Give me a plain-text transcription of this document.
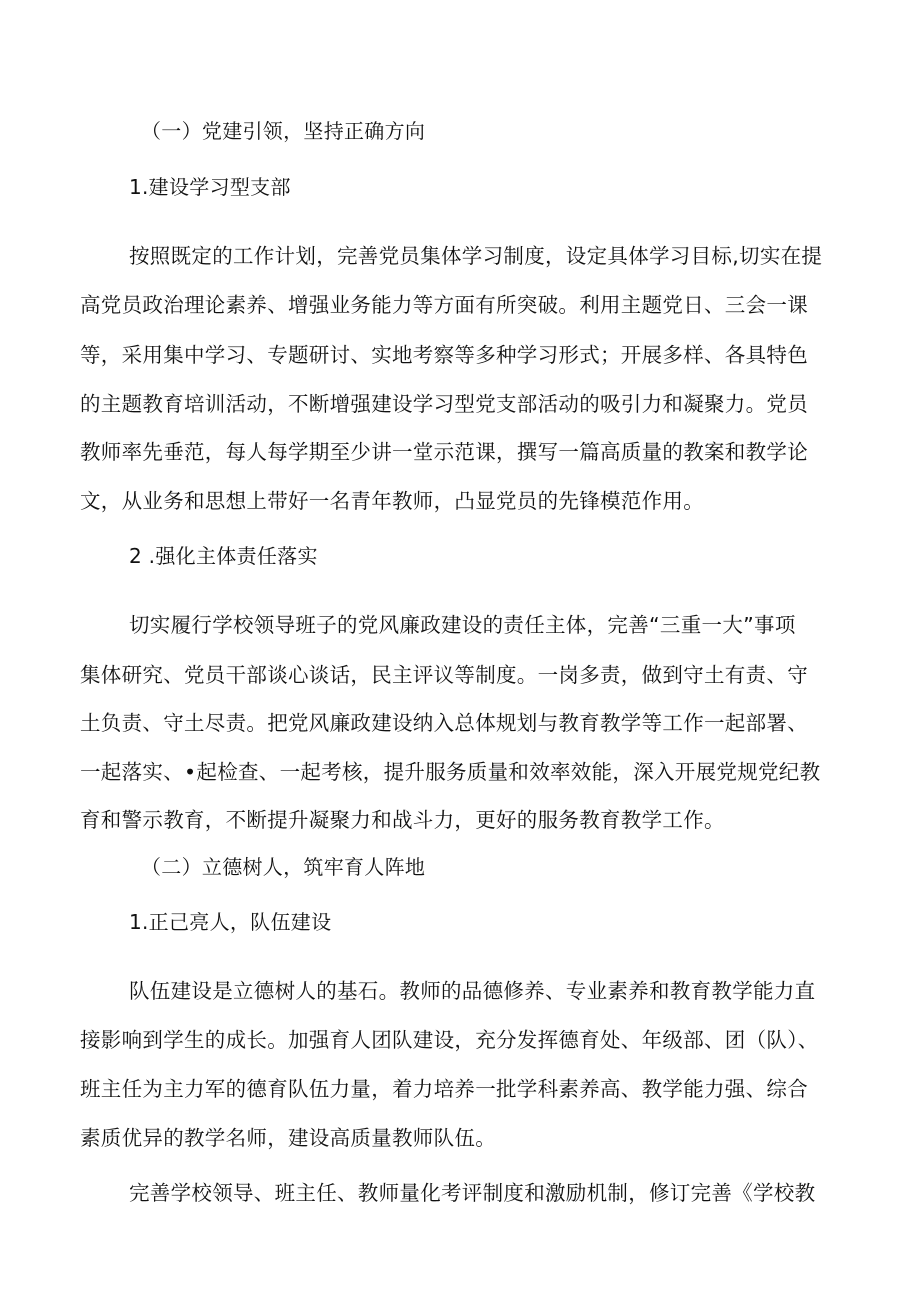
（一）党建引领，坚持正确方向

1.建设学习型支部

按照既定的工作计划，完善党员集体学习制度，设定具体学习目标,切实在提

高党员政治理论素养、增强业务能力等方面有所突破。利用主题党日、三会一课

等，采用集中学习、专题研讨、实地考察等多种学习形式；开展多样、各具特色

的主题教育培训活动，不断增强建设学习型党支部活动的吸引力和凝聚力。党员

教师率先垂范，每人每学期至少讲一堂示范课，撰写一篇高质量的教案和教学论

文，从业务和思想上带好一名青年教师，凸显党员的先锋模范作用。

2 .强化主体责任落实

切实履行学校领导班子的党风廉政建设的责任主体，完善“三重一大”事项

集体研究、党员干部谈心谈话，民主评议等制度。一岗多责，做到守土有责、守

土负责、守土尽责。把党风廉政建设纳入总体规划与教育教学等工作一起部署、

一起落实、•起检查、一起考核，提升服务质量和效率效能，深入开展党规党纪教

育和警示教育，不断提升凝聚力和战斗力，更好的服务教育教学工作。

（二）立德树人，筑牢育人阵地

1.正己亮人，队伍建设

队伍建设是立德树人的基石。教师的品德修养、专业素养和教育教学能力直

接影响到学生的成长。加强育人团队建设，充分发挥德育处、年级部、团（队）、

班主任为主力军的德育队伍力量，着力培养一批学科素养高、教学能力强、综合

素质优异的教学名师，建设高质量教师队伍。

完善学校领导、班主任、教师量化考评制度和激励机制，修订完善《学校教
